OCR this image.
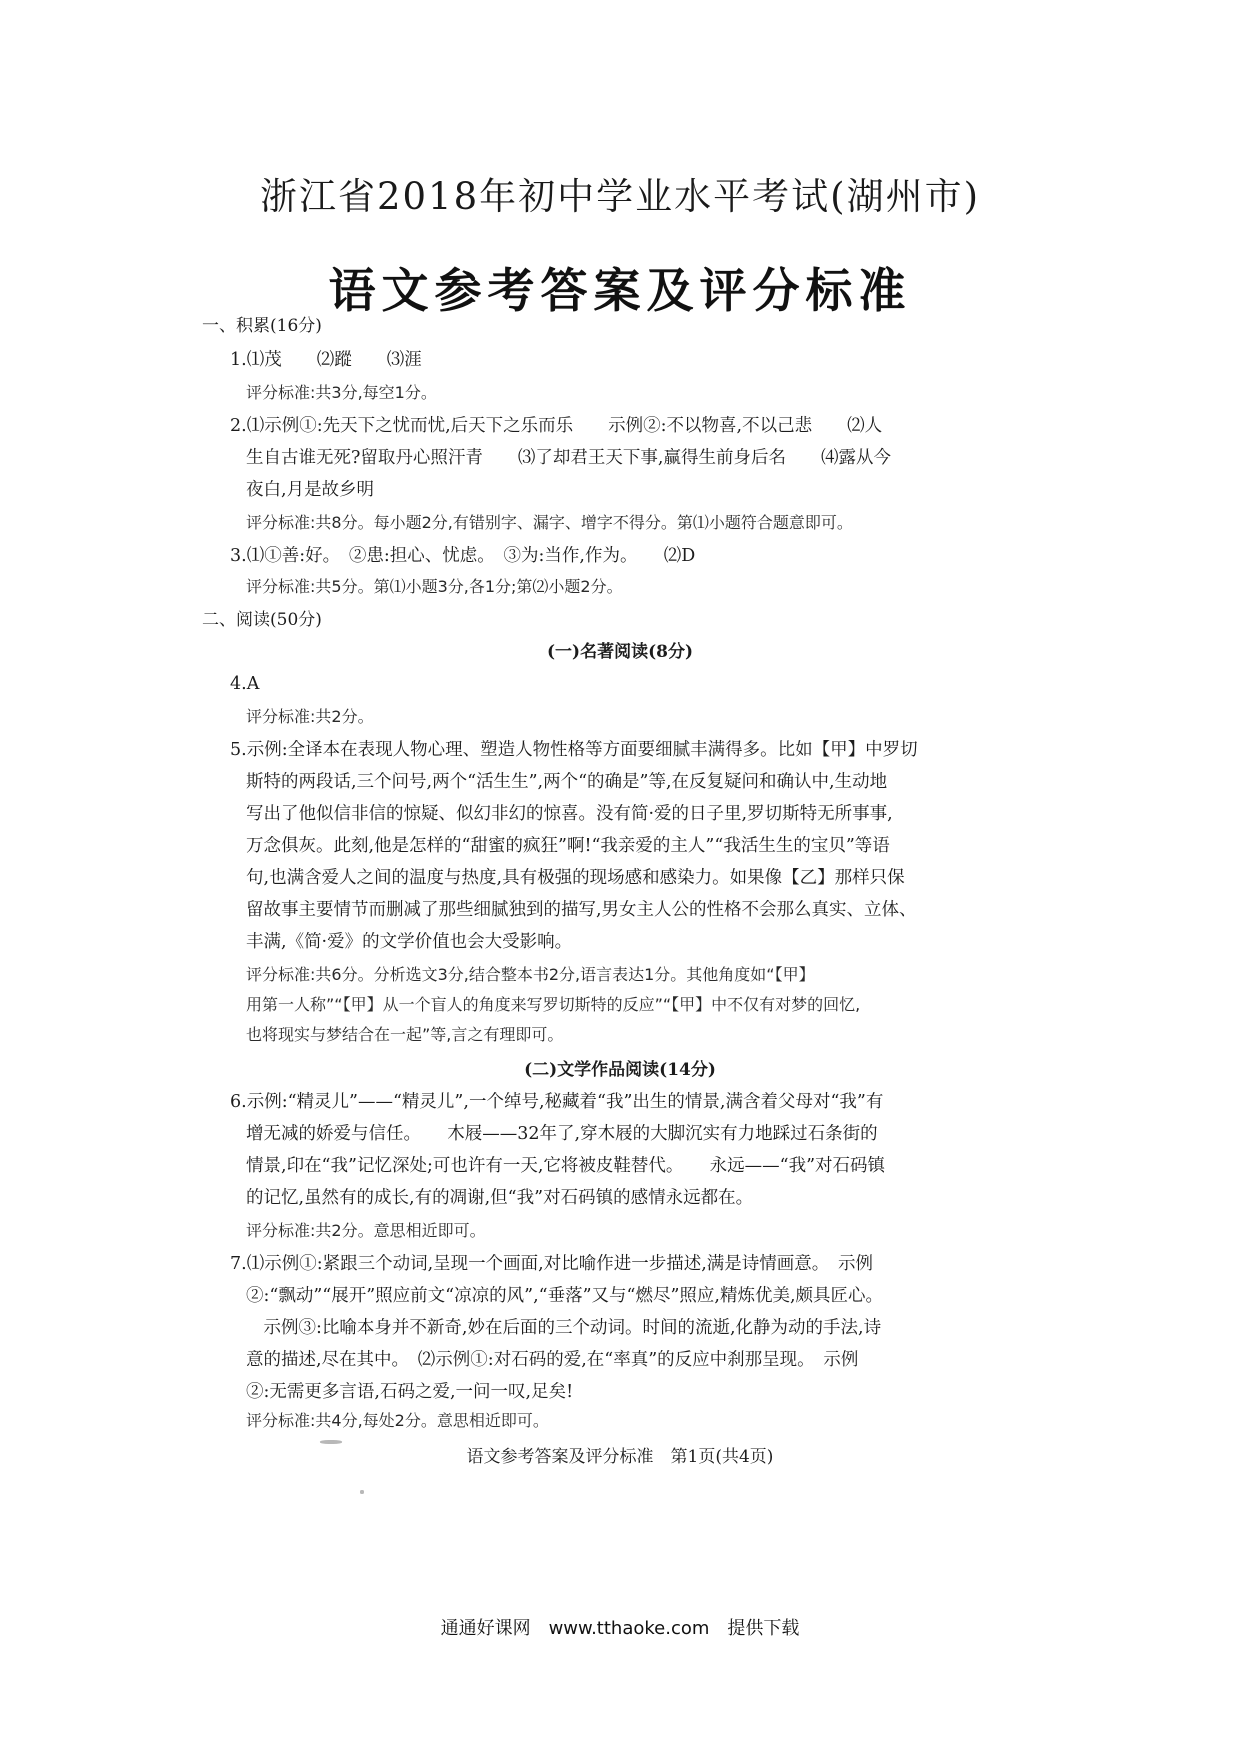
浙江省2018年初中学业水平考试(湖州市)
语文参考答案及评分标准
一、积累(16分)
1.⑴茂　　⑵蹤　　⑶涯
评分标准:共3分,每空1分。
2.⑴示例①:先天下之忧而忧,后天下之乐而乐　　示例②:不以物喜,不以己悲　　⑵人
生自古谁无死?留取丹心照汗青　　⑶了却君王天下事,赢得生前身后名　　⑷露从今
夜白,月是故乡明
评分标准:共8分。每小题2分,有错别字、漏字、增字不得分。第⑴小题符合题意即可。
3.⑴①善:好。　②患:担心、忧虑。　③为:当作,作为。　　⑵D
评分标准:共5分。第⑴小题3分,各1分;第⑵小题2分。
二、阅读(50分)
(一)名著阅读(8分)
4.A
评分标准:共2分。
5.示例:全译本在表现人物心理、塑造人物性格等方面要细腻丰满得多。比如【甲】中罗切
斯特的两段话,三个问号,两个“活生生”,两个“的确是”等,在反复疑问和确认中,生动地
写出了他似信非信的惊疑、似幻非幻的惊喜。没有简·爱的日子里,罗切斯特无所事事,
万念俱灰。此刻,他是怎样的“甜蜜的疯狂”啊!“我亲爱的主人”“我活生生的宝贝”等语
句,也满含爱人之间的温度与热度,具有极强的现场感和感染力。如果像【乙】那样只保
留故事主要情节而删减了那些细腻独到的描写,男女主人公的性格不会那么真实、立体、
丰满,《简·爱》的文学价值也会大受影响。
评分标准:共6分。分析选文3分,结合整本书2分,语言表达1分。其他角度如“【甲】
用第一人称”“【甲】从一个盲人的角度来写罗切斯特的反应”“【甲】中不仅有对梦的回忆,
也将现实与梦结合在一起”等,言之有理即可。
(二)文学作品阅读(14分)
6.示例:“精灵儿”——“精灵儿”,一个绰号,秘藏着“我”出生的情景,满含着父母对“我”有
增无减的娇爱与信任。　　木屐——32年了,穿木屐的大脚沉实有力地踩过石条街的
情景,印在“我”记忆深处;可也许有一天,它将被皮鞋替代。　　永远——“我”对石码镇
的记忆,虽然有的成长,有的凋谢,但“我”对石码镇的感情永远都在。
评分标准:共2分。意思相近即可。
7.⑴示例①:紧跟三个动词,呈现一个画面,对比喻作进一步描述,满是诗情画意。　示例
②:“飘动”“展开”照应前文“凉凉的风”,“垂落”又与“燃尽”照应,精炼优美,颇具匠心。
　示例③:比喻本身并不新奇,妙在后面的三个动词。时间的流逝,化静为动的手法,诗
意的描述,尽在其中。　⑵示例①:对石码的爱,在“率真”的反应中刹那呈现。　示例
②:无需更多言语,石码之爱,一问一叹,足矣!
评分标准:共4分,每处2分。意思相近即可。
语文参考答案及评分标准　第1页(共4页)
通通好课网　www.tthaoke.com　提供下载
